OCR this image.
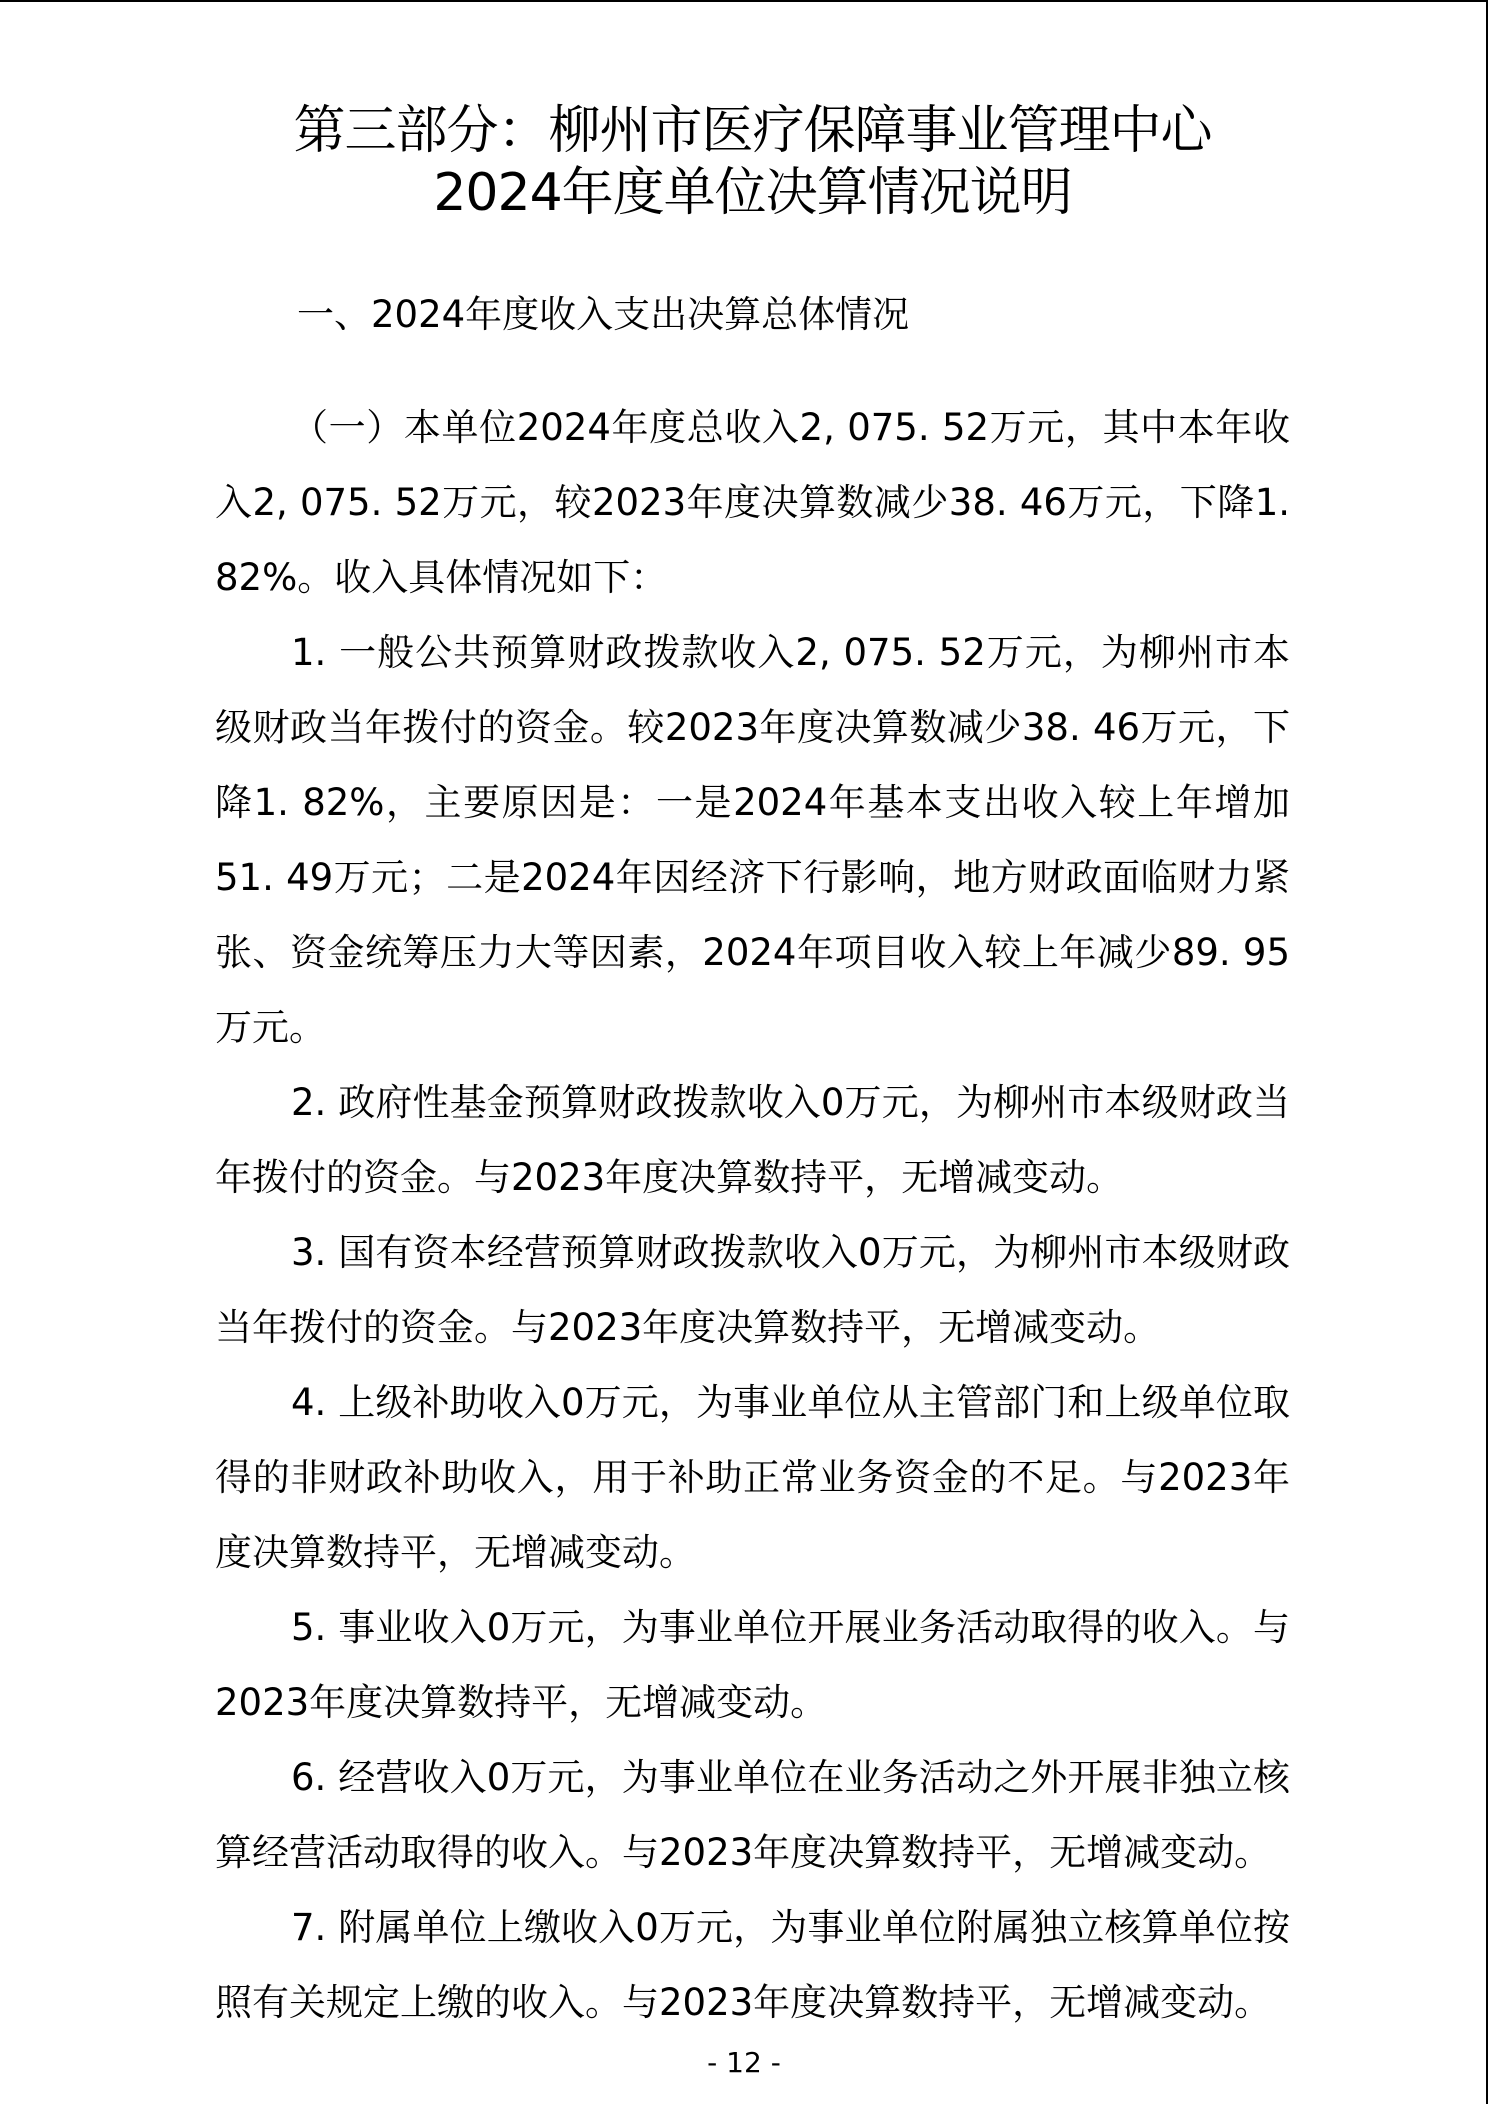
第三部分：柳州市医疗保障事业管理中心
2024年度单位决算情况说明
一、2024年度收入支出决算总体情况

（一）本单位2024年度总收入2, 075. 52万元，其中本年收入2, 075. 52万元，较2023年度决算数减少38. 46万元，下降1. 82%。收入具体情况如下：

1. 一般公共预算财政拨款收入2, 075. 52万元，为柳州市本级财政当年拨付的资金。较2023年度决算数减少38. 46万元，下降1. 82%，主要原因是：一是2024年基本支出收入较上年增加51. 49万元；二是2024年因经济下行影响，地方财政面临财力紧张、资金统筹压力大等因素，2024年项目收入较上年减少89. 95万元。

2. 政府性基金预算财政拨款收入0万元，为柳州市本级财政当年拨付的资金。与2023年度决算数持平，无增减变动。

3. 国有资本经营预算财政拨款收入0万元，为柳州市本级财政当年拨付的资金。与2023年度决算数持平，无增减变动。

4. 上级补助收入0万元，为事业单位从主管部门和上级单位取得的非财政补助收入，用于补助正常业务资金的不足。与2023年度决算数持平，无增减变动。

5. 事业收入0万元，为事业单位开展业务活动取得的收入。与2023年度决算数持平，无增减变动。

6. 经营收入0万元，为事业单位在业务活动之外开展非独立核算经营活动取得的收入。与2023年度决算数持平，无增减变动。

7. 附属单位上缴收入0万元，为事业单位附属独立核算单位按照有关规定上缴的收入。与2023年度决算数持平，无增减变动。

- 12 -
